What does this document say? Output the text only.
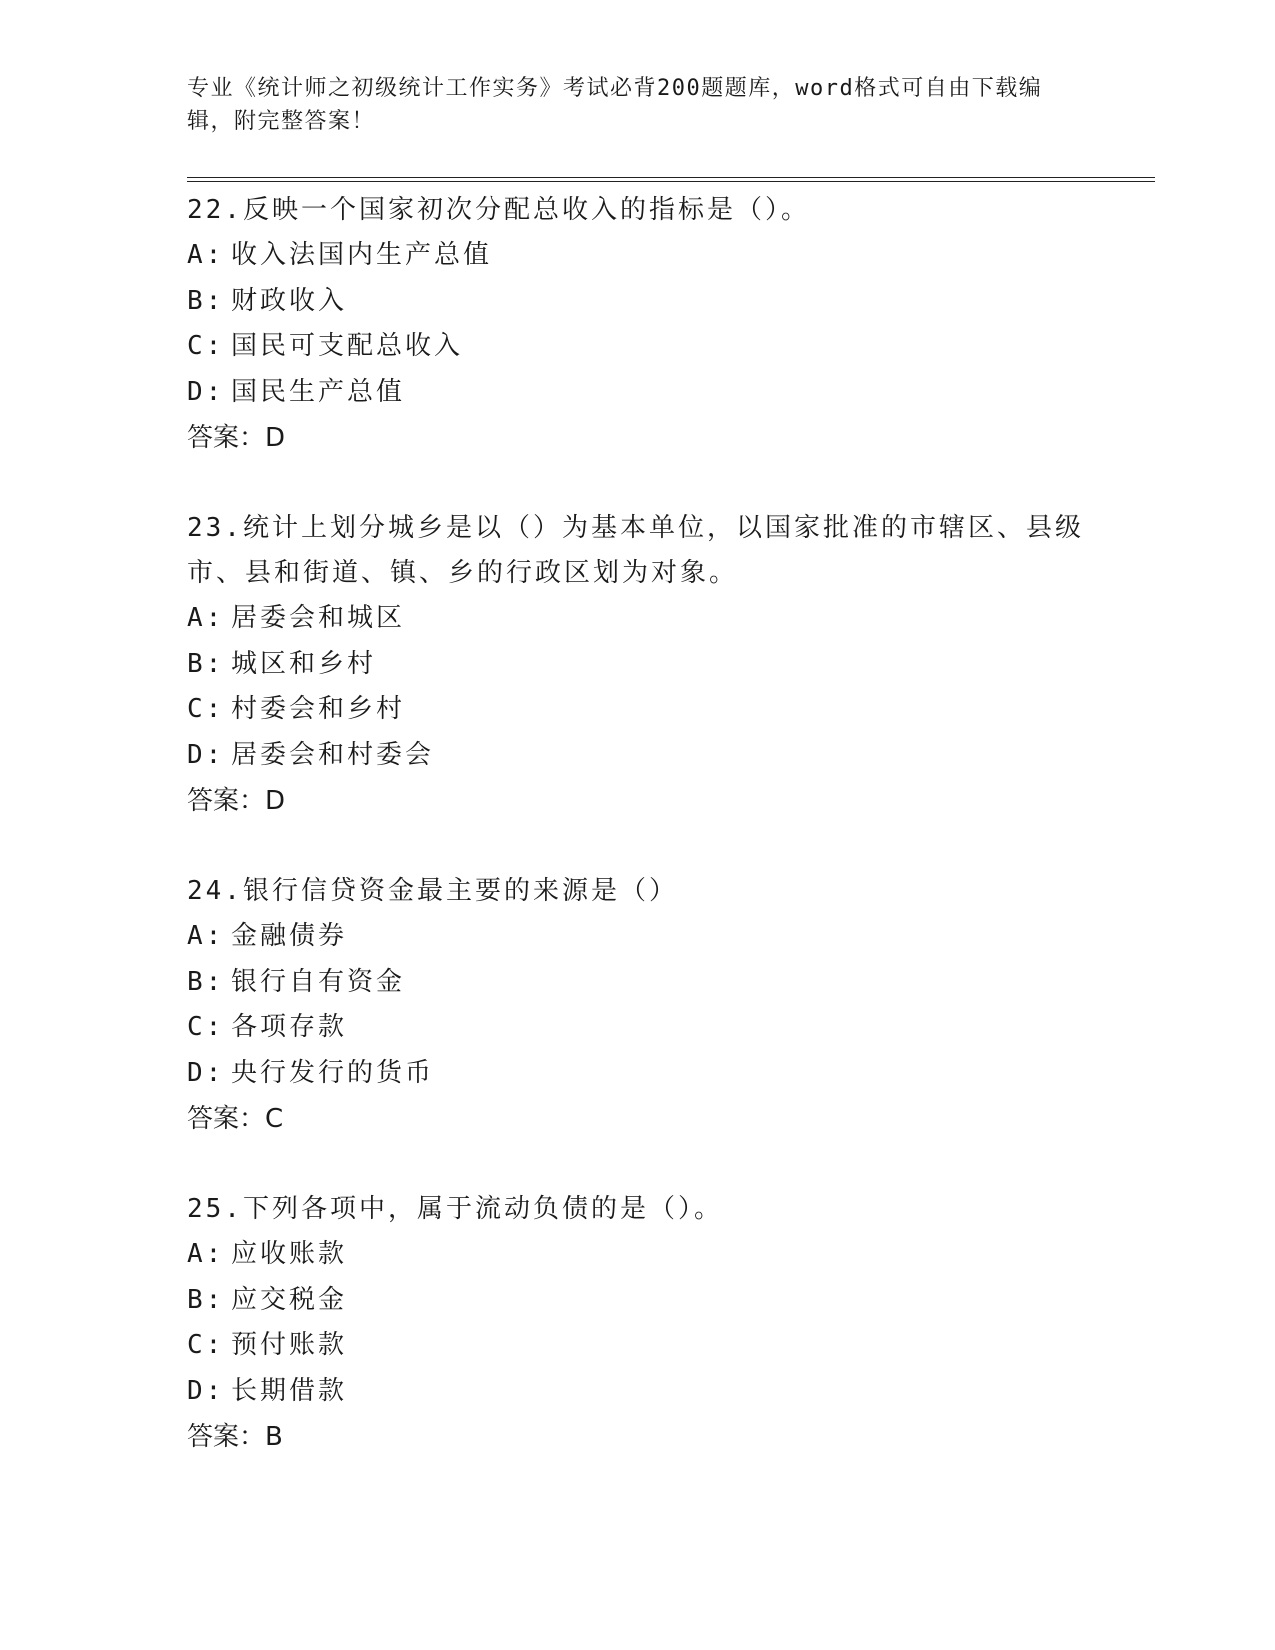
专业《统计师之初级统计工作实务》考试必背200题题库，word格式可自由下载编辑，附完整答案！

22.反映一个国家初次分配总收入的指标是（）。

A: 收入法国内生产总值

B: 财政收入

C: 国民可支配总收入

D: 国民生产总值

答案：D

23.统计上划分城乡是以（）为基本单位，以国家批准的市辖区、县级市、县和街道、镇、乡的行政区划为对象。

A: 居委会和城区

B: 城区和乡村

C: 村委会和乡村

D: 居委会和村委会

答案：D

24.银行信贷资金最主要的来源是（）

A: 金融债券

B: 银行自有资金

C: 各项存款

D: 央行发行的货币

答案：C

25.下列各项中，属于流动负债的是（）。

A: 应收账款

B: 应交税金

C: 预付账款

D: 长期借款

答案：B
